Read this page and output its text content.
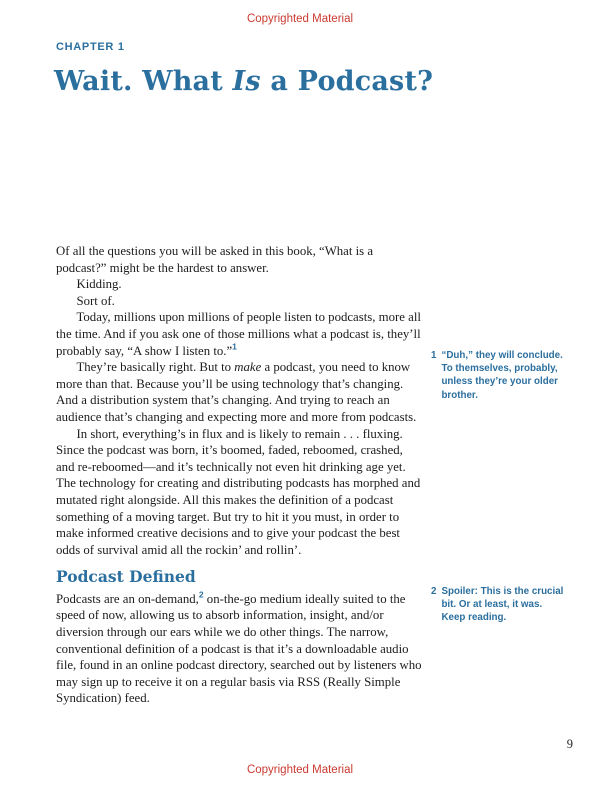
Copyrighted Material
CHAPTER 1
Wait. What Is a Podcast?

Of all the questions you will be asked in this book, “What is a podcast?” might be the hardest to answer.

Kidding.

Sort of.

Today, millions upon millions of people listen to podcasts, more all the time. And if you ask one of those millions what a podcast is, they’ll probably say, “A show I listen to.”$^1$

They’re basically right. But to make a podcast, you need to know more than that. Because you’ll be using technology that’s changing. And a distribution system that’s changing. And trying to reach an audience that’s changing and expecting more and more from podcasts.

In short, everything’s in flux and is likely to remain . . . fluxing. Since the podcast was born, it’s boomed, faded, reboomed, crashed, and re-reboomed—and it’s technically not even hit drinking age yet. The technology for creating and distributing podcasts has morphed and mutated right alongside. All this makes the definition of a podcast something of a moving target. But try to hit it you must, in order to make informed creative decisions and to give your podcast the best odds of survival amid all the rockin’ and rollin’.

Podcast Defined

Podcasts are an on-demand,$^2$ on-the-go medium ideally suited to the speed of now, allowing us to absorb information, insight, and/or diversion through our ears while we do other things. The narrow, conventional definition of a podcast is that it’s a downloadable audio file, found in an online podcast directory, searched out by listeners who may sign up to receive it on a regular basis via RSS (Really Simple Syndication) feed.

1 “Duh,” they will conclude. To themselves, probably, unless they’re your older brother.
2 Spoiler: This is the crucial bit. Or at least, it was. Keep reading.
9
Copyrighted Material
